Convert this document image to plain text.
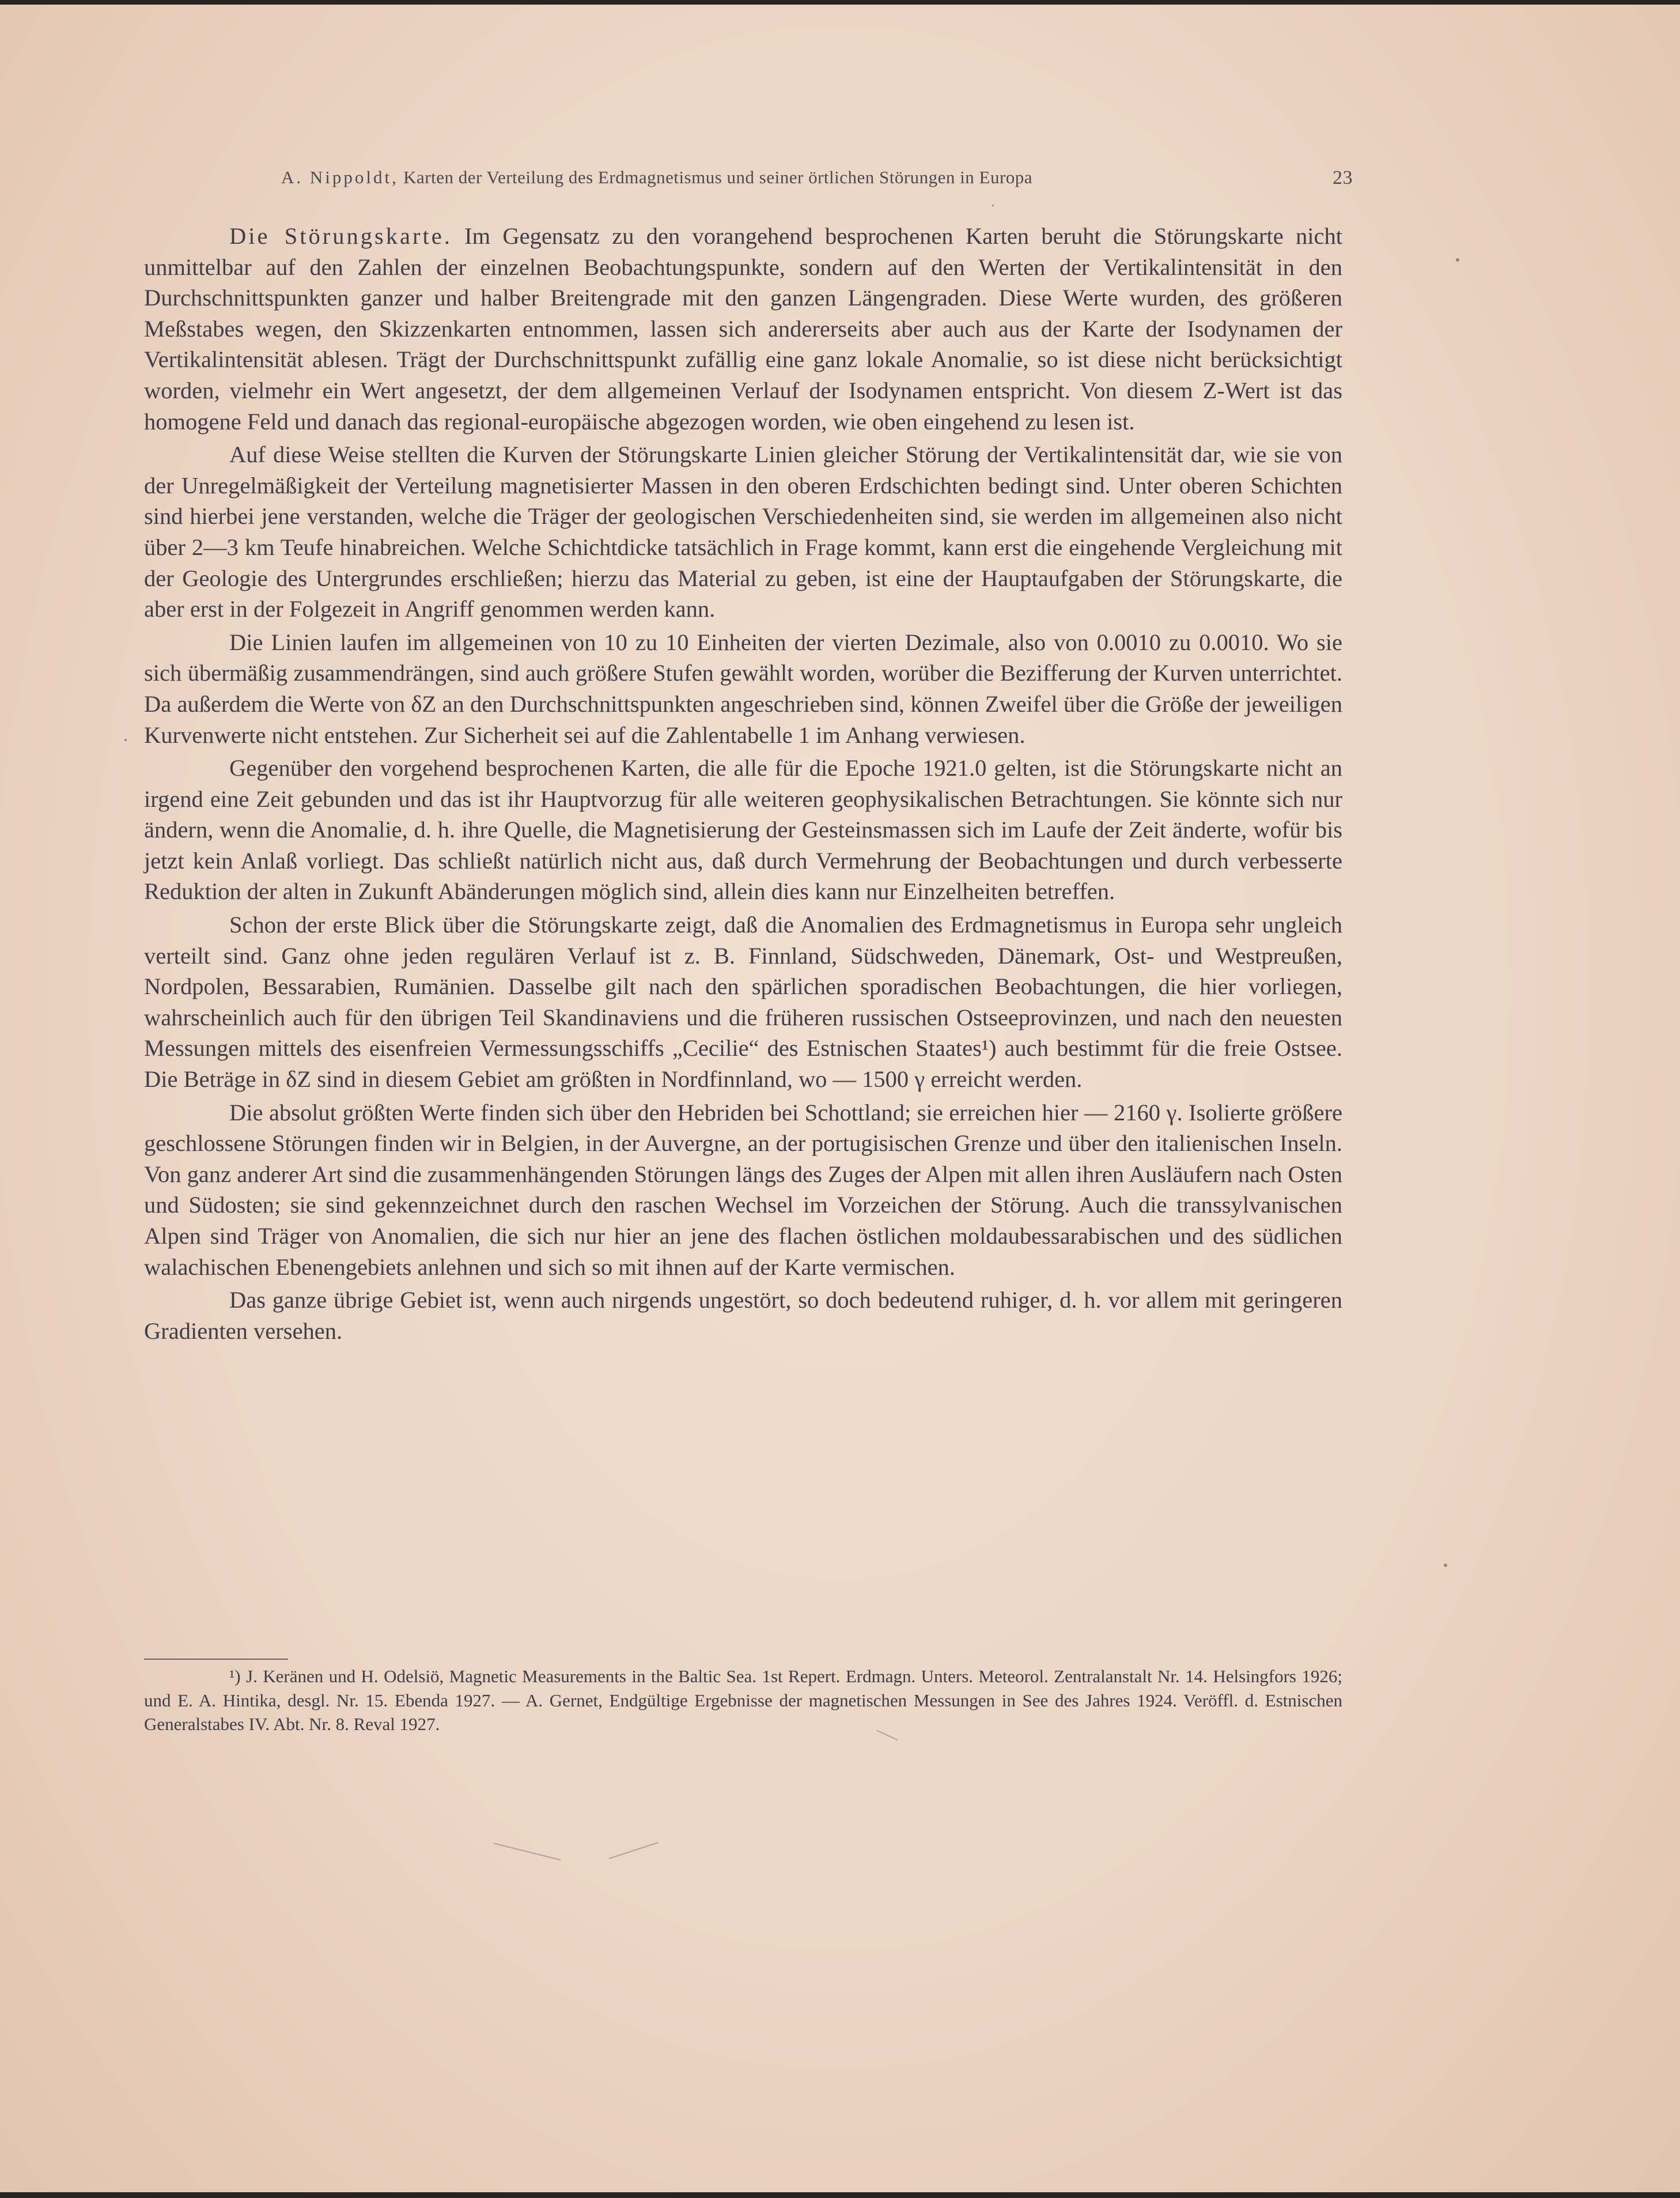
A. Nippoldt, Karten der Verteilung des Erdmagnetismus und seiner örtlichen Störungen in Europa	23

Die Störungskarte. Im Gegensatz zu den vorangehend besprochenen Karten beruht die Störungskarte nicht unmittelbar auf den Zahlen der einzelnen Beobachtungspunkte, sondern auf den Werten der Vertikalintensität in den Durchschnittspunkten ganzer und halber Breitengrade mit den ganzen Längengraden. Diese Werte wurden, des größeren Meßstabes wegen, den Skizzenkarten entnommen, lassen sich andererseits aber auch aus der Karte der Isodynamen der Vertikalintensität ablesen. Trägt der Durchschnittspunkt zufällig eine ganz lokale Anomalie, so ist diese nicht berücksichtigt worden, vielmehr ein Wert angesetzt, der dem allgemeinen Verlauf der Isodynamen entspricht. Von diesem Z-Wert ist das homogene Feld und danach das regional-europäische abgezogen worden, wie oben eingehend zu lesen ist.

Auf diese Weise stellten die Kurven der Störungskarte Linien gleicher Störung der Vertikalintensität dar, wie sie von der Unregelmäßigkeit der Verteilung magnetisierter Massen in den oberen Erdschichten bedingt sind. Unter oberen Schichten sind hierbei jene verstanden, welche die Träger der geologischen Verschiedenheiten sind, sie werden im allgemeinen also nicht über 2—3 km Teufe hinabreichen. Welche Schichtdicke tatsächlich in Frage kommt, kann erst die eingehende Vergleichung mit der Geologie des Untergrundes erschließen; hierzu das Material zu geben, ist eine der Hauptaufgaben der Störungskarte, die aber erst in der Folgezeit in Angriff genommen werden kann.

Die Linien laufen im allgemeinen von 10 zu 10 Einheiten der vierten Dezimale, also von 0.0010 zu 0.0010. Wo sie sich übermäßig zusammendrängen, sind auch größere Stufen gewählt worden, worüber die Bezifferung der Kurven unterrichtet. Da außerdem die Werte von δZ an den Durchschnittspunkten angeschrieben sind, können Zweifel über die Größe der jeweiligen Kurvenwerte nicht entstehen. Zur Sicherheit sei auf die Zahlentabelle 1 im Anhang verwiesen.

Gegenüber den vorgehend besprochenen Karten, die alle für die Epoche 1921.0 gelten, ist die Störungskarte nicht an irgend eine Zeit gebunden und das ist ihr Hauptvorzug für alle weiteren geophysikalischen Betrachtungen. Sie könnte sich nur ändern, wenn die Anomalie, d. h. ihre Quelle, die Magnetisierung der Gesteinsmassen sich im Laufe der Zeit änderte, wofür bis jetzt kein Anlaß vorliegt. Das schließt natürlich nicht aus, daß durch Vermehrung der Beobachtungen und durch verbesserte Reduktion der alten in Zukunft Abänderungen möglich sind, allein dies kann nur Einzelheiten betreffen.

Schon der erste Blick über die Störungskarte zeigt, daß die Anomalien des Erdmagnetismus in Europa sehr ungleich verteilt sind. Ganz ohne jeden regulären Verlauf ist z. B. Finnland, Südschweden, Dänemark, Ost- und Westpreußen, Nordpolen, Bessarabien, Rumänien. Dasselbe gilt nach den spärlichen sporadischen Beobachtungen, die hier vorliegen, wahrscheinlich auch für den übrigen Teil Skandinaviens und die früheren russischen Ostseeprovinzen, und nach den neuesten Messungen mittels des eisenfreien Vermessungsschiffs „Cecilie“ des Estnischen Staates¹) auch bestimmt für die freie Ostsee. Die Beträge in δZ sind in diesem Gebiet am größten in Nordfinnland, wo — 1500 γ erreicht werden.

Die absolut größten Werte finden sich über den Hebriden bei Schottland; sie erreichen hier — 2160 γ. Isolierte größere geschlossene Störungen finden wir in Belgien, in der Auvergne, an der portugisischen Grenze und über den italienischen Inseln. Von ganz anderer Art sind die zusammenhängenden Störungen längs des Zuges der Alpen mit allen ihren Ausläufern nach Osten und Südosten; sie sind gekennzeichnet durch den raschen Wechsel im Vorzeichen der Störung. Auch die transsylvanischen Alpen sind Träger von Anomalien, die sich nur hier an jene des flachen östlichen moldaubessarabischen und des südlichen walachischen Ebenengebiets anlehnen und sich so mit ihnen auf der Karte vermischen.

Das ganze übrige Gebiet ist, wenn auch nirgends ungestört, so doch bedeutend ruhiger, d. h. vor allem mit geringeren Gradienten versehen.

¹) J. Keränen und H. Odelsiö, Magnetic Measurements in the Baltic Sea. 1st Repert. Erdmagn. Unters. Meteorol. Zentralanstalt Nr. 14. Helsingfors 1926; und E. A. Hintika, desgl. Nr. 15. Ebenda 1927. — A. Gernet, Endgültige Ergebnisse der magnetischen Messungen in See des Jahres 1924. Veröffl. d. Estnischen Generalstabes IV. Abt. Nr. 8. Reval 1927.
